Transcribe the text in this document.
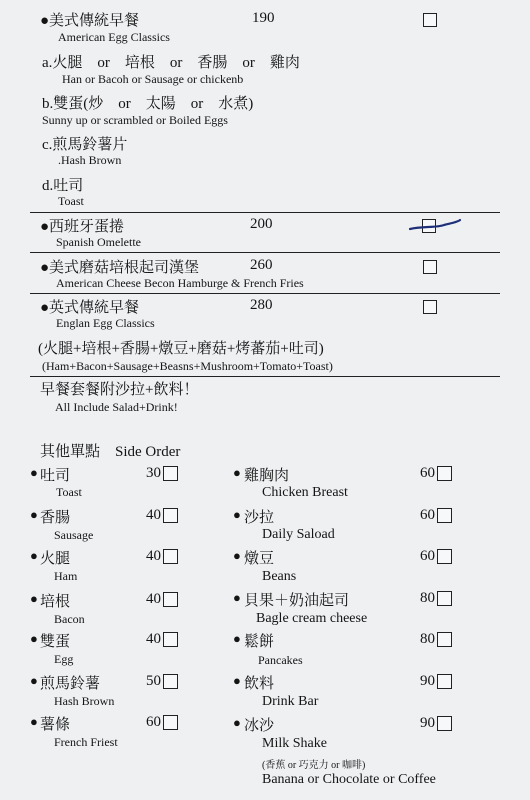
●美式傳統早餐	190
American Egg Classics
a.火腿　or　培根　or　香腸　or　雞肉
Han or Bacoh or Sausage or chickenb
b.雙蛋(炒　or　太陽　or　水煮)
Sunny up or scrambled or Boiled Eggs
c.煎馬鈴薯片
.Hash Brown
d.吐司
Toast
●西班牙蛋捲	200
Spanish Omelette
●美式磨菇培根起司漢堡	260
American Cheese Becon Hamburge & French Fries
●英式傳統早餐	280
Englan Egg Classics
(火腿+培根+香腸+燉豆+磨菇+烤蕃茄+吐司)
(Ham+Bacon+Sausage+Beasns+Mushroom+Tomato+Toast)
早餐套餐附沙拉+飲料！
All Include Salad+Drink!
其他單點　Side Order
吐司
Toast
30
香腸
Sausage
40
火腿
Ham
40
培根
Bacon
40
雙蛋
Egg
40
煎馬鈴薯
Hash Brown
50
薯條
French Friest
60
雞胸肉
Chicken Breast
60
沙拉
Daily Saload
60
燉豆
Beans
60
貝果＋奶油起司
Bagle cream cheese
80
鬆餅
Pancakes
80
飲料
Drink Bar
90
冰沙
Milk Shake
90
(香蕉 or 巧克力 or 咖啡)
Banana or Chocolate or Coffee
●
●
●
●
●
●
●
●
●
●
●
●
●
●
